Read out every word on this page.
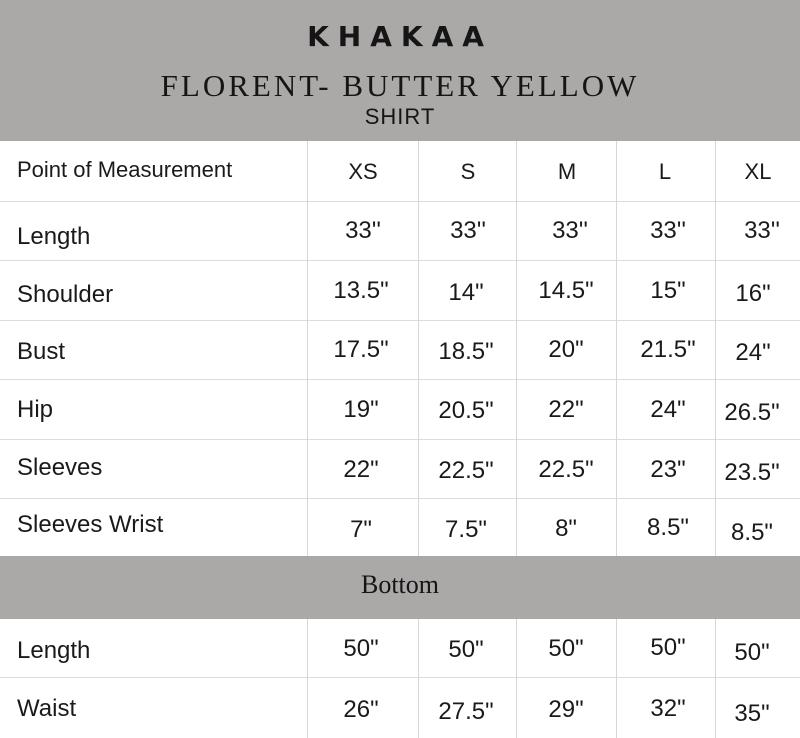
KHAKAA
FLORENT- BUTTER YELLOW
SHIRT
Bottom
Point of Measurement	XS	S	M	L	XL
Length	33''	33''	33''	33'' 33''
Shoulder	13.5" 14" 14.5" 15" 16"
Bust	17.5" 18.5" 20" 21.5" 24"
Hip	19" 20.5" 22"	24" 26.5"
Sleeves	22" 22.5" 22.5" 23" 23.5"
Sleeves Wrist	7"	7.5"	8"	8.5" 8.5"
Length	50"	50"	50"	50" 50"
Waist	26" 27.5" 29"	32" 35"
